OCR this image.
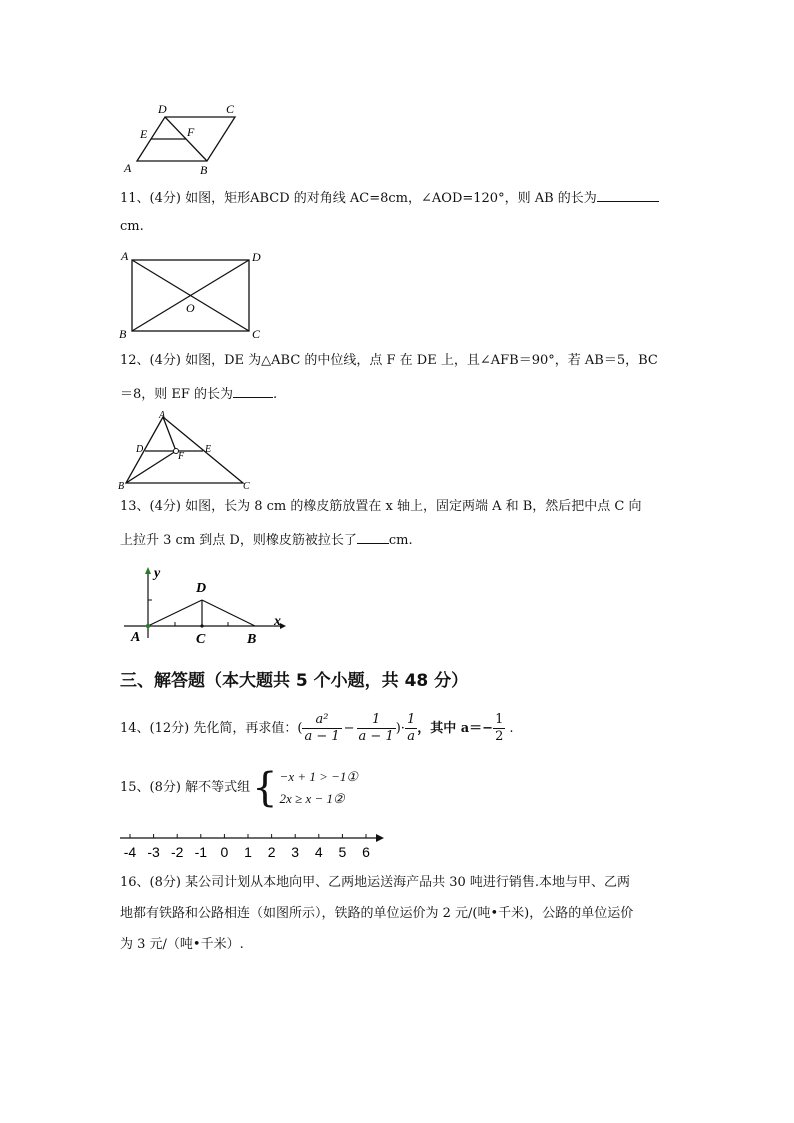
D	C
E	F
A	B
11、(4分) 如图，矩形ABCD 的对角线 AC=8cm，∠AOD=120°，则 AB 的长为
cm.
A	D
O
B	C
12、(4分) 如图，DE 为△ABC 的中位线，点 F 在 DE 上，且∠AFB＝90°，若 AB＝5，BC
＝8，则 EF 的长为	.
A
D	E
F
B	C
13、(4分) 如图，长为 8 cm 的橡皮筋放置在 x 轴上，固定两端 A 和 B，然后把中点 C 向
上拉升 3 cm 到点 D，则橡皮筋被拉长了 cm.
y
D
x
A	C	B
三、解答题（本大题共 5 个小题，共 48 分）
14、(12分) 先化简，再求值：( $\frac{\text{a²}}{a - 1} - \frac{1}{a - 1}$ )· $\frac{1}{a}$ ，其中 $a=- \frac{1}{2}$ .
15、(8分) 解不等式组 { −x + 1 > −1①
2x ≥ x − 1②
-4 -3 -2 -1 0 1 2 3 4 5 6
16、(8分) 某公司计划从本地向甲、乙两地运送海产品共 30 吨进行销售.本地与甲、乙两
地都有铁路和公路相连（如图所示），铁路的单位运价为 2 元/(吨•千米)，公路的单位运价
为 3 元/（吨•千米）.
